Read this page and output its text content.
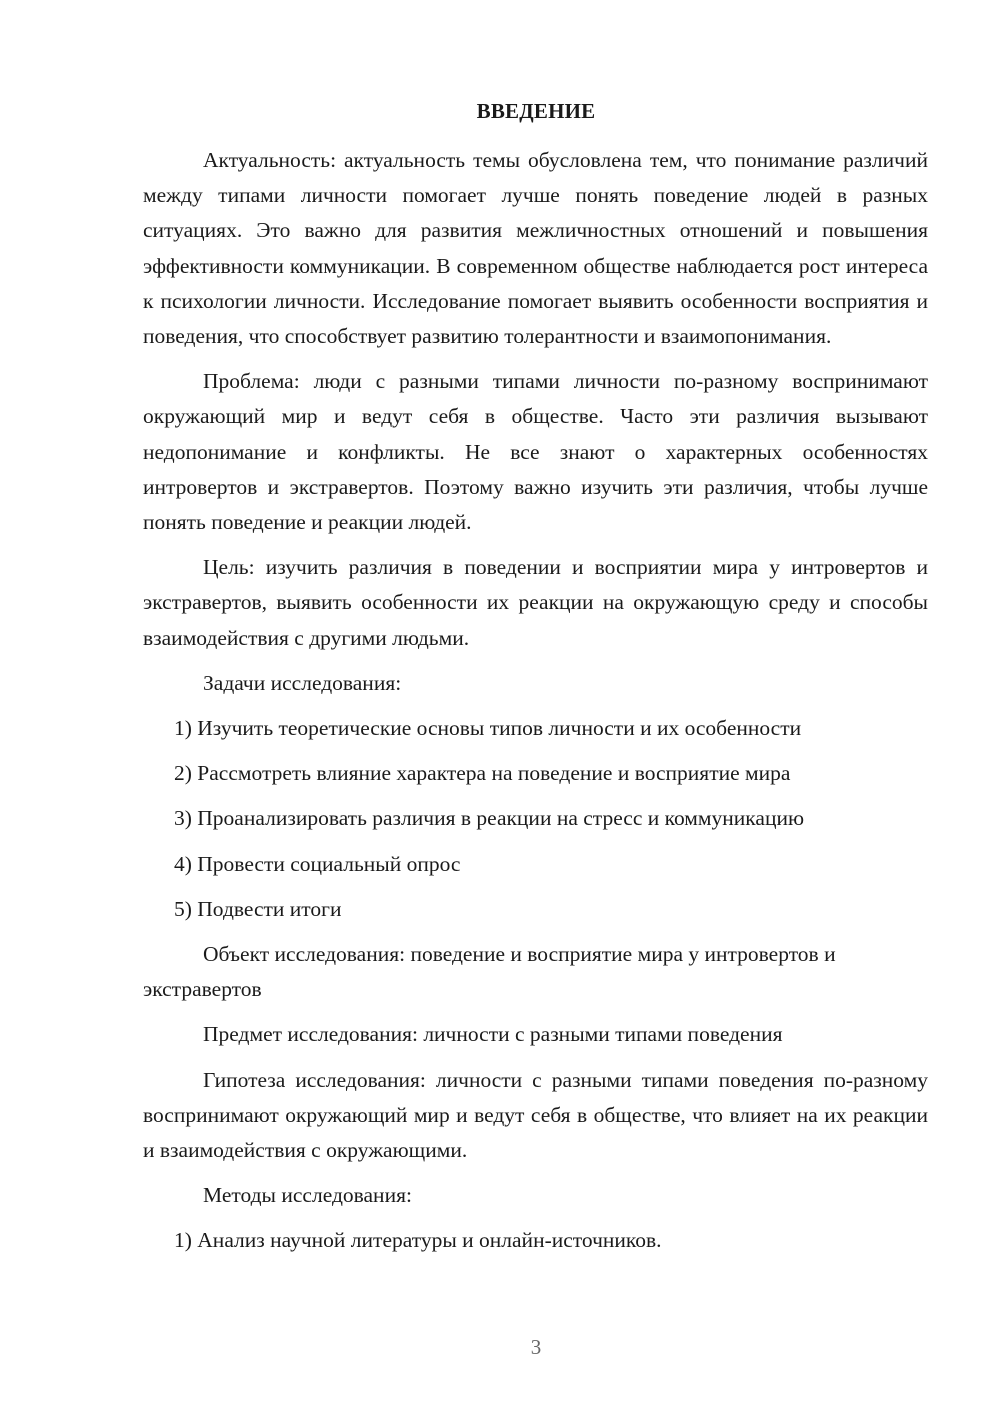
ВВЕДЕНИЕ

Актуальность: актуальность темы обусловлена тем, что понимание различий между типами личности помогает лучше понять поведение людей в разных ситуациях. Это важно для развития межличностных отношений и повышения эффективности коммуникации. В современном обществе наблюдается рост интереса к психологии личности. Исследование помогает выявить особенности восприятия и поведения, что способствует развитию толерантности и взаимопонимания.

Проблема: люди с разными типами личности по-разному воспринимают окружающий мир и ведут себя в обществе. Часто эти различия вызывают недопонимание и конфликты. Не все знают о характерных особенностях интровертов и экстравертов. Поэтому важно изучить эти различия, чтобы лучше понять поведение и реакции людей.

Цель: изучить различия в поведении и восприятии мира у интровертов и экстравертов, выявить особенности их реакции на окружающую среду и способы взаимодействия с другими людьми.

Задачи исследования:

1) Изучить теоретические основы типов личности и их особенности

2) Рассмотреть влияние характера на поведение и восприятие мира

3) Проанализировать различия в реакции на стресс и коммуникацию

4) Провести социальный опрос

5) Подвести итоги

Объект исследования: поведение и восприятие мира у интровертов и экстравертов

Предмет исследования: личности с разными типами поведения

Гипотеза исследования: личности с разными типами поведения по-разному воспринимают окружающий мир и ведут себя в обществе, что влияет на их реакции и взаимодействия с окружающими.

Методы исследования:

1) Анализ научной литературы и онлайн-источников.

3
